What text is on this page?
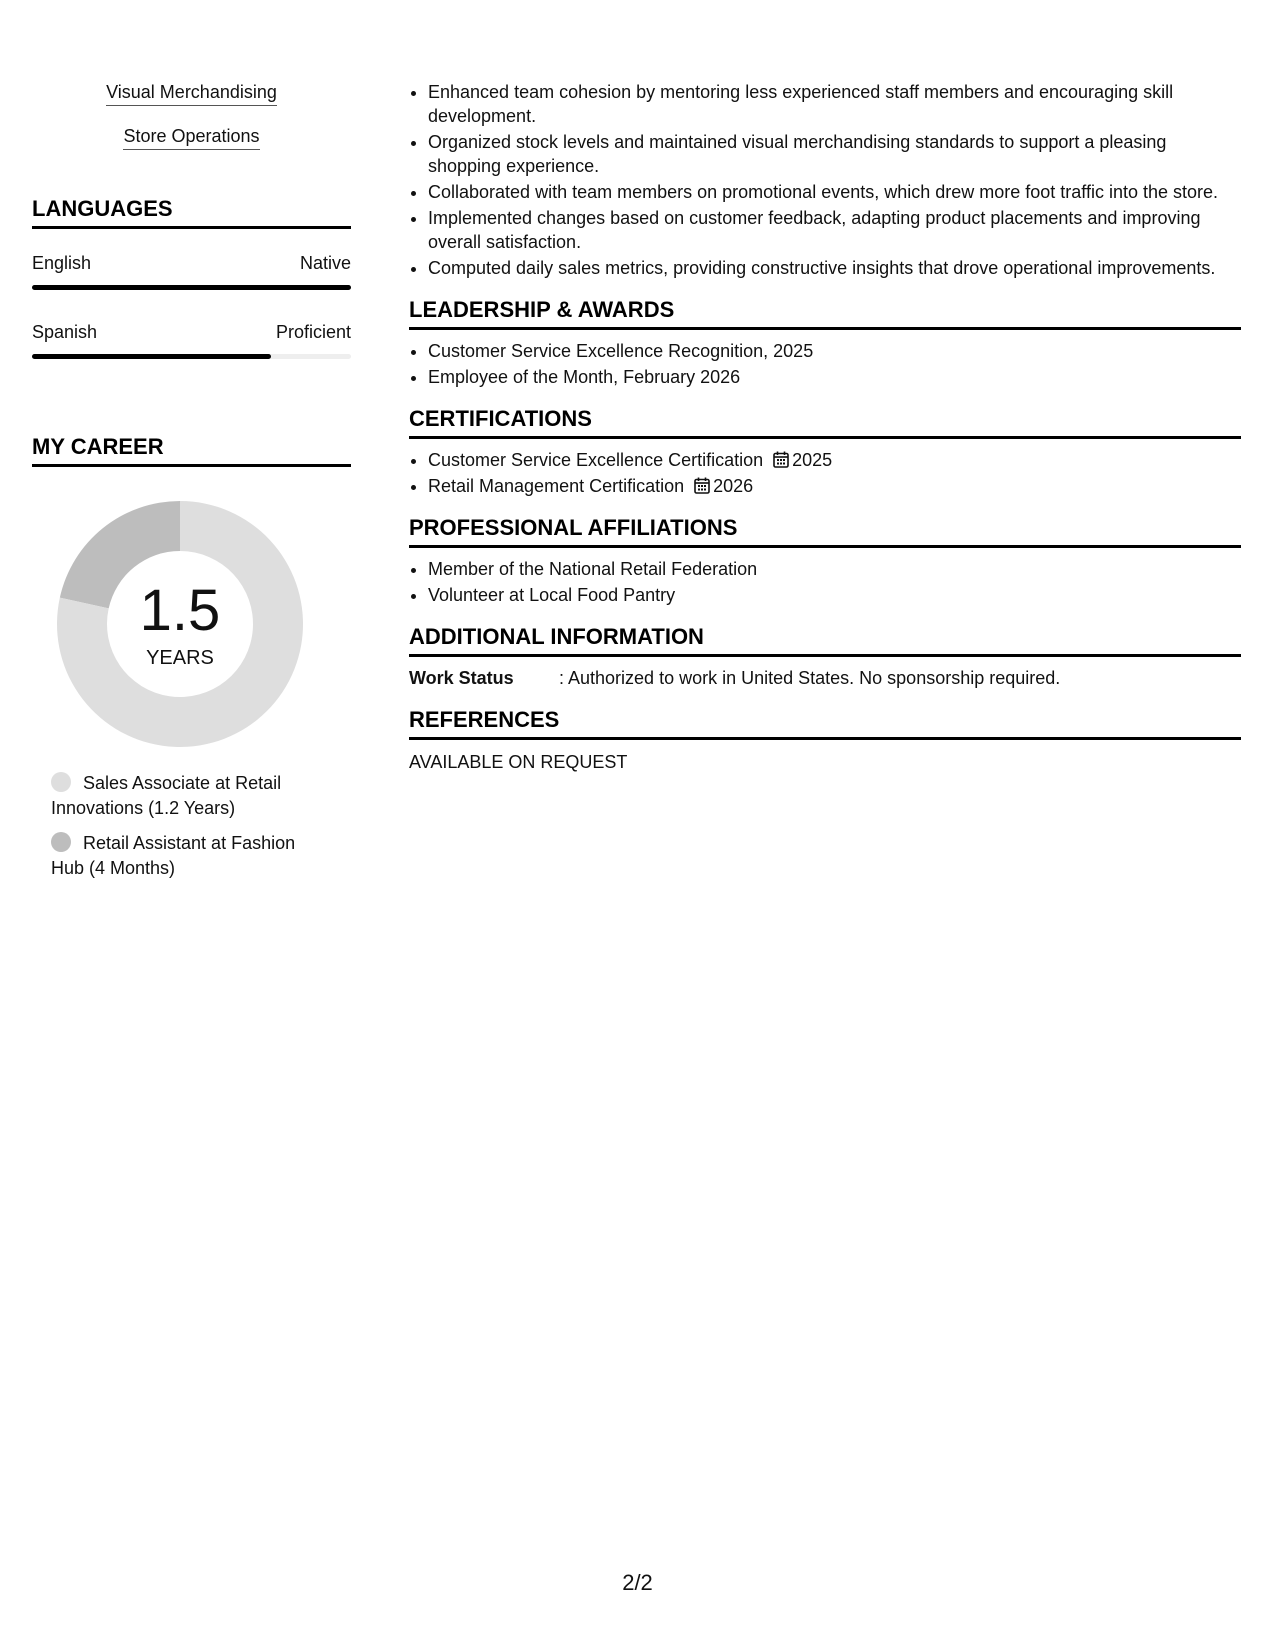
Visual Merchandising
Store Operations
LANGUAGES
English	Native
Spanish	Proficient
MY CAREER
1.5
YEARS
Sales Associate at Retail Innovations (1.2 Years)
Retail Assistant at Fashion Hub (4 Months)
• Enhanced team cohesion by mentoring less experienced staff members and encouraging skill development.
• Organized stock levels and maintained visual merchandising standards to support a pleasing shopping experience.
• Collaborated with team members on promotional events, which drew more foot traffic into the store.
• Implemented changes based on customer feedback, adapting product placements and improving overall satisfaction.
• Computed daily sales metrics, providing constructive insights that drove operational improvements.
LEADERSHIP & AWARDS
• Customer Service Excellence Recognition, 2025
• Employee of the Month, February 2026
CERTIFICATIONS
• Customer Service Excellence Certification 2025
• Retail Management Certification 2026
PROFESSIONAL AFFILIATIONS
• Member of the National Retail Federation
• Volunteer at Local Food Pantry
ADDITIONAL INFORMATION
Work Status	: Authorized to work in United States. No sponsorship required.
REFERENCES
AVAILABLE ON REQUEST
2/2
